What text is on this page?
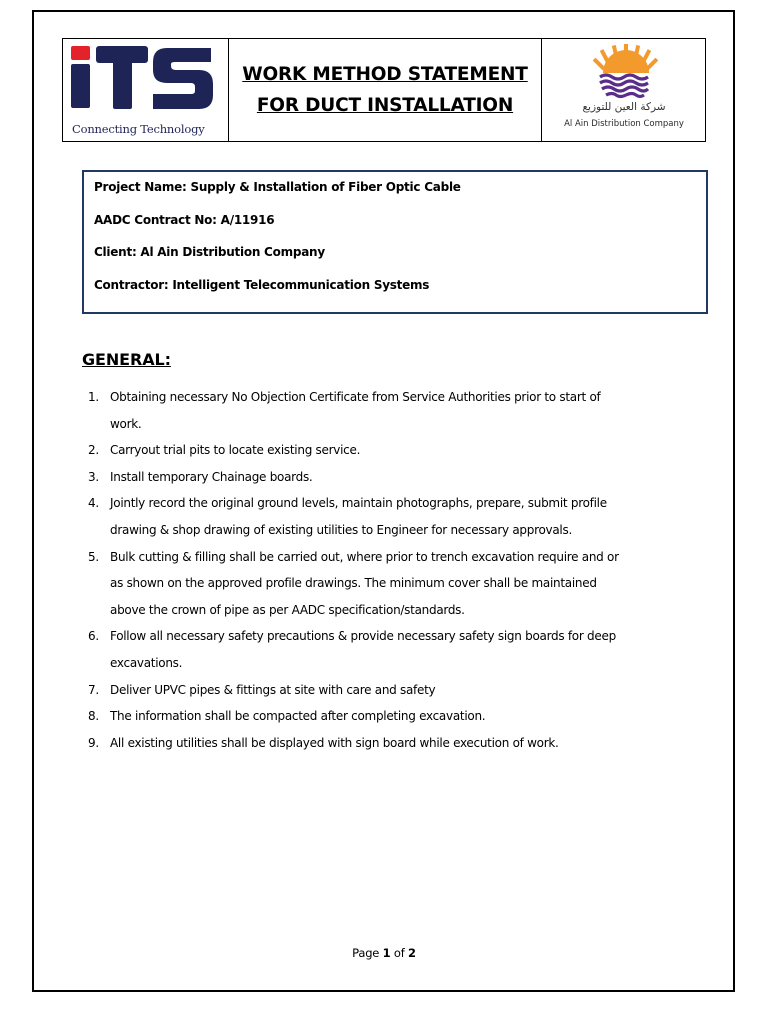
Connecting Technology
WORK METHOD STATEMENT
FOR DUCT INSTALLATION	شركة العين للتوزيع
Al Ain Distribution Company
Project Name: Supply & Installation of Fiber Optic Cable
AADC Contract No: A/11916
Client: Al Ain Distribution Company
Contractor: Intelligent Telecommunication Systems
GENERAL:
1. Obtaining necessary No Objection Certificate from Service Authorities prior to start of
work.
2. Carryout trial pits to locate existing service.
3. Install temporary Chainage boards.
4. Jointly record the original ground levels, maintain photographs, prepare, submit profile
drawing & shop drawing of existing utilities to Engineer for necessary approvals.
5. Bulk cutting & filling shall be carried out, where prior to trench excavation require and or
as shown on the approved profile drawings. The minimum cover shall be maintained
above the crown of pipe as per AADC specification/standards.
6. Follow all necessary safety precautions & provide necessary safety sign boards for deep
excavations.
7. Deliver UPVC pipes & fittings at site with care and safety
8. The information shall be compacted after completing excavation.
9. All existing utilities shall be displayed with sign board while execution of work.
Page 1 of 2
